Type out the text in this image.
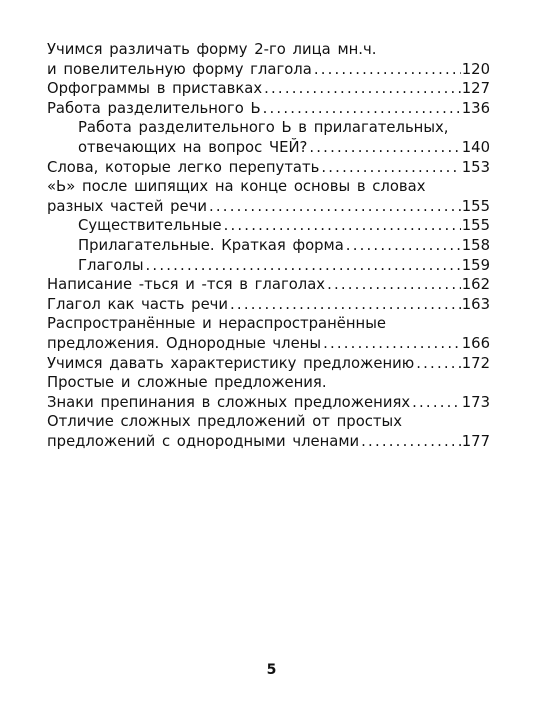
Учимся различать форму 2-го лица мн.ч.
и повелительную форму глагола .....	120
Орфограммы в приставках .....	127
Работа разделительного Ь .....	136
Работа разделительного Ь в прилагательных,
отвечающих на вопрос ЧЕЙ? .....	140
Слова, которые легко перепутать .....	153
«Ь» после шипящих на конце основы в словах
разных частей речи .....	155
Существительные .....	155
Прилагательные. Краткая форма .....	158
Глаголы .....	159
Написание -ться и -тся в глаголах .....	162
Глагол как часть речи .....	163
Распространённые и нераспространённые
предложения. Однородные члены .....	166
Учимся давать характеристику предложению .....	172
Простые и сложные предложения.
Знаки препинания в сложных предложениях .....	173
Отличие сложных предложений от простых
предложений с однородными членами .....	177
5
